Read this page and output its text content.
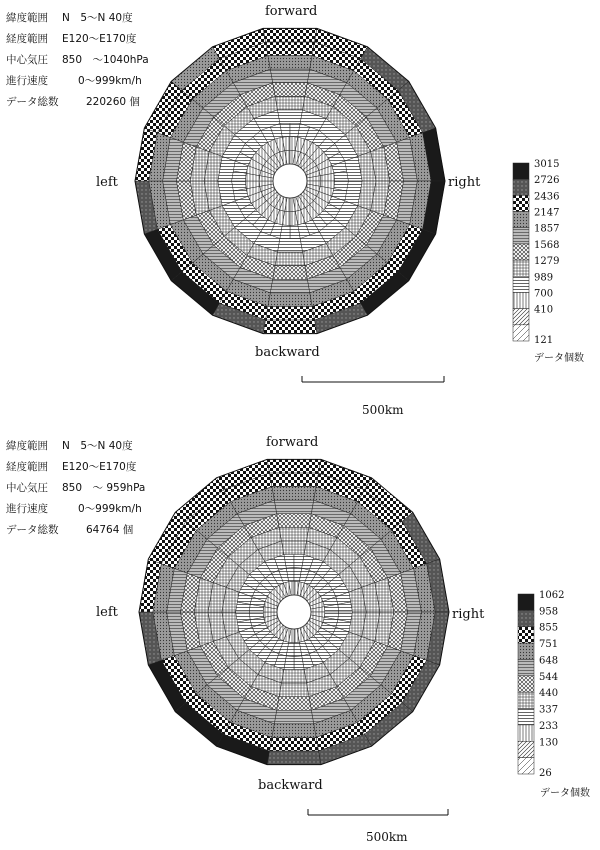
3015
2726
2436
2147
1857
1568
1279
989
700
410
121
1062
958
855
751
648
544
440
337
233
130
26
緯度範囲 N　5〜N 40度
経度範囲 E120〜E170度
中心気圧 850　〜1040hPa
進行速度	0〜999km/h
データ総数	220260 個
forward
left	right
backward	データ個数
500km
緯度範囲 N　5〜N 40度
経度範囲 E120〜E170度
中心気圧 850　〜 959hPa
進行速度	0〜999km/h
データ総数	64764 個
forward
left	right
backward
データ個数
500km
